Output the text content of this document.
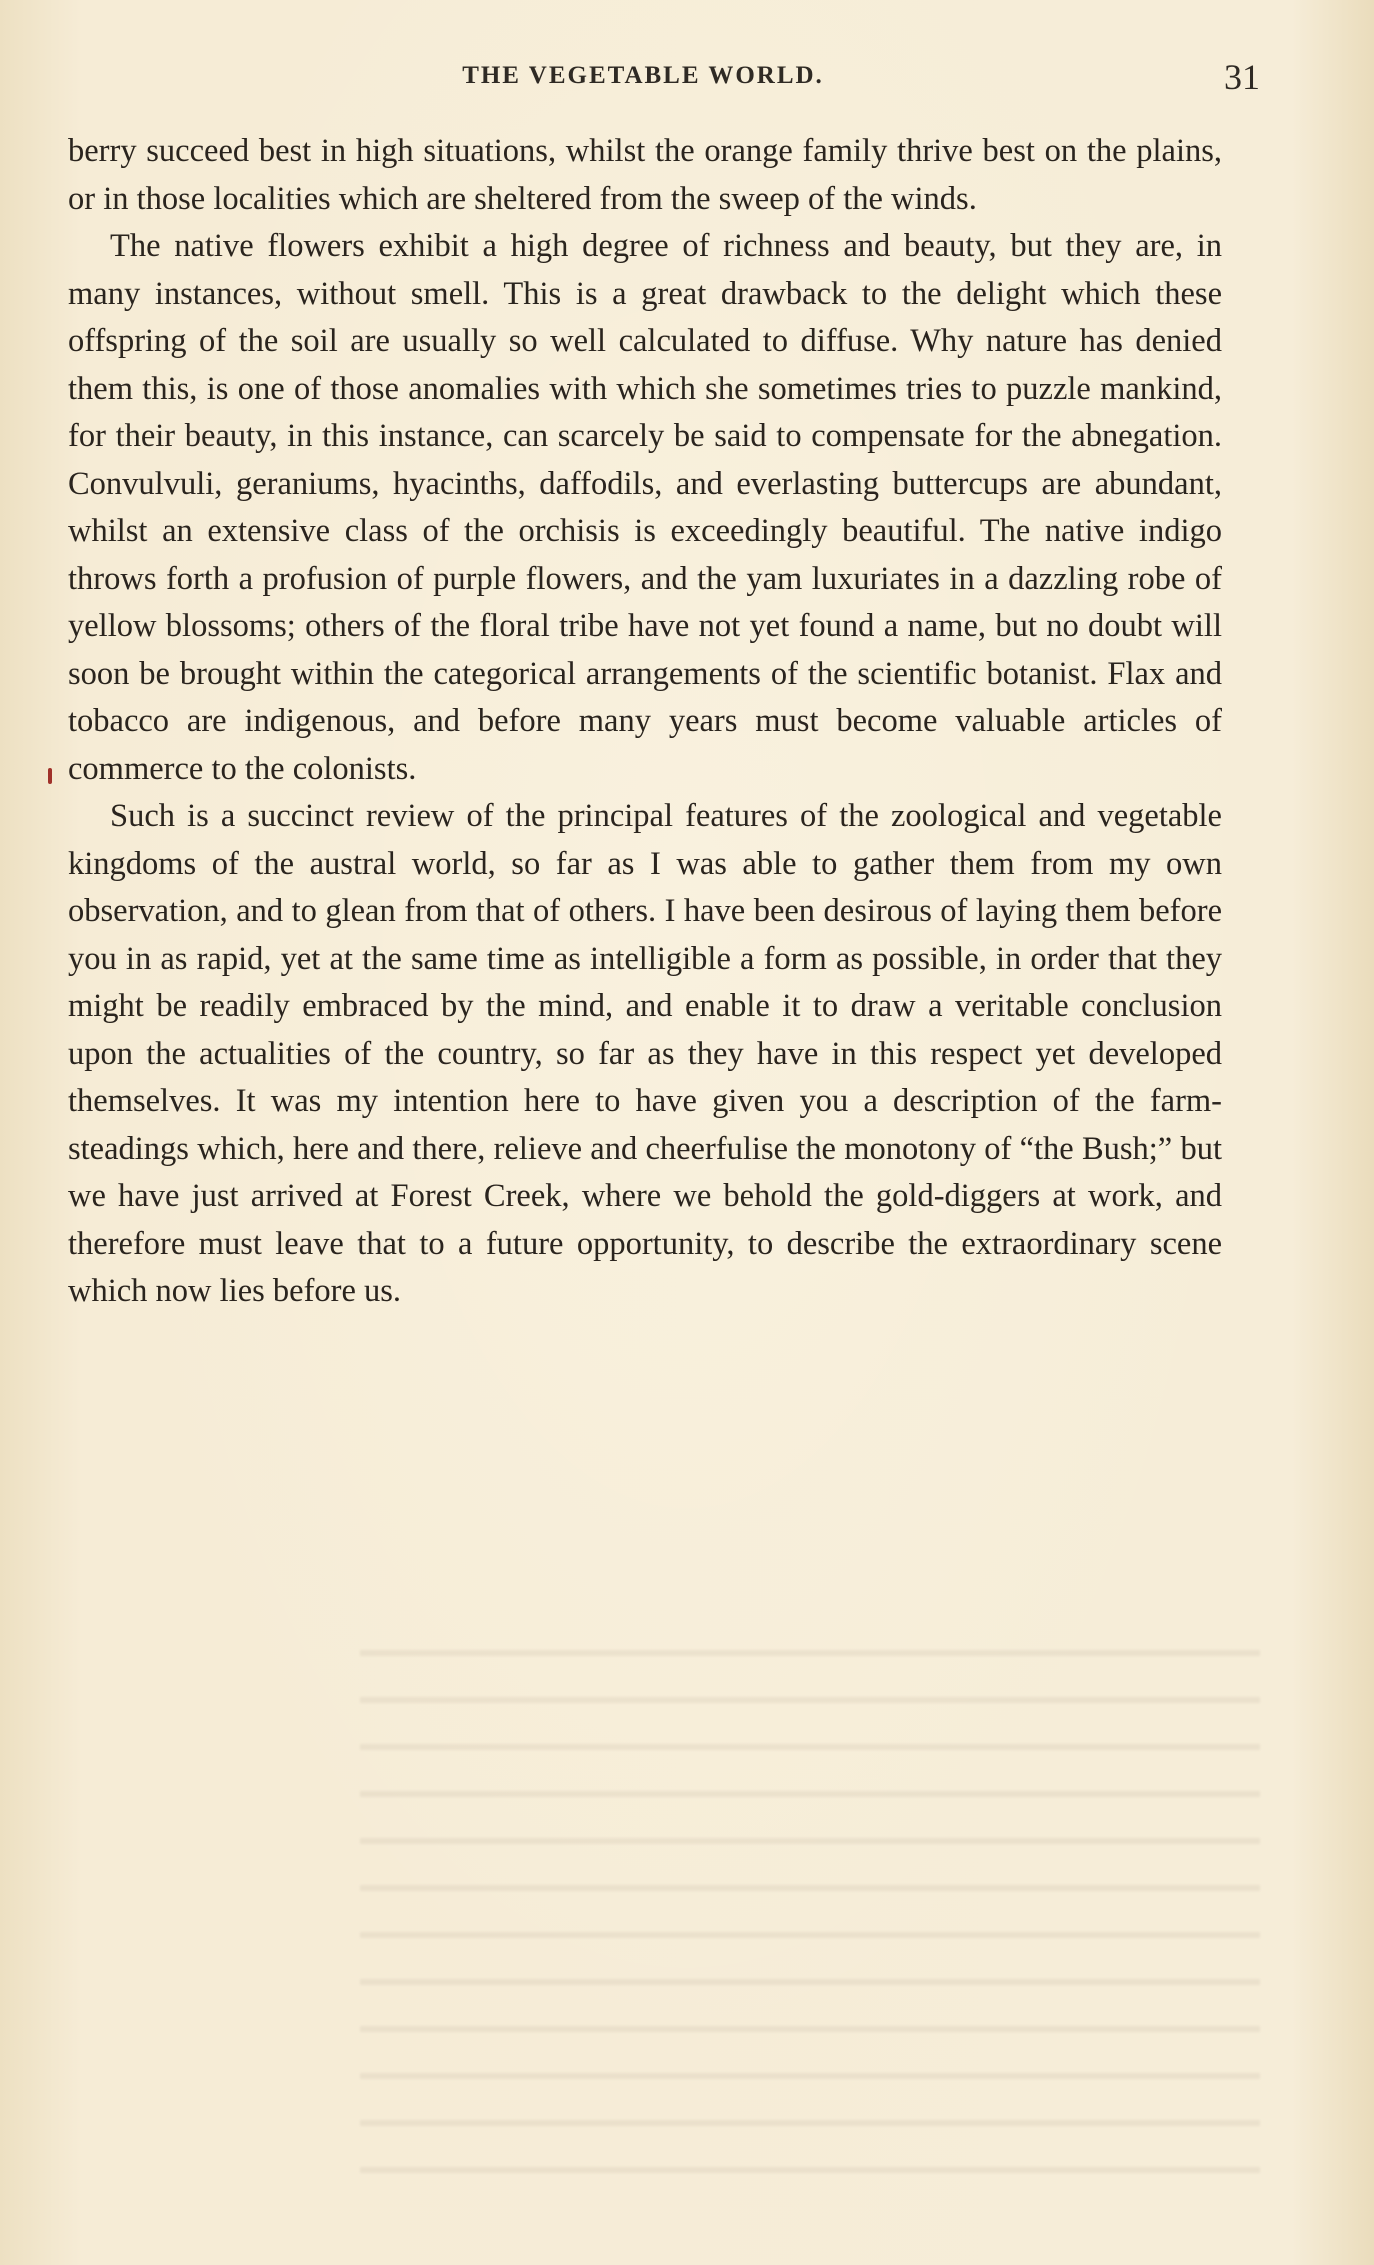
THE VEGETABLE WORLD.	31

berry succeed best in high situations, whilst the orange family thrive best on the plains, or in those localities which are sheltered from the sweep of the winds.

The native flowers exhibit a high degree of richness and beauty, but they are, in many instances, without smell. This is a great drawback to the delight which these offspring of the soil are usually so well calculated to diffuse. Why nature has denied them this, is one of those anomalies with which she sometimes tries to puzzle mankind, for their beauty, in this instance, can scarcely be said to compensate for the abnegation. Convulvuli, geraniums, hyacinths, daffodils, and everlasting buttercups are abundant, whilst an extensive class of the orchisis is exceedingly beautiful. The native indigo throws forth a profusion of purple flowers, and the yam luxuriates in a dazzling robe of yellow blossoms; others of the floral tribe have not yet found a name, but no doubt will soon be brought within the categorical arrangements of the scientific botanist. Flax and tobacco are indigenous, and before many years must become valuable articles of commerce to the colonists.

Such is a succinct review of the principal features of the zoological and vegetable kingdoms of the austral world, so far as I was able to gather them from my own observation, and to glean from that of others. I have been desirous of laying them before you in as rapid, yet at the same time as intelligible a form as possible, in order that they might be readily embraced by the mind, and enable it to draw a veritable conclusion upon the actualities of the country, so far as they have in this respect yet developed themselves. It was my intention here to have given you a description of the farm-steadings which, here and there, relieve and cheerfulise the monotony of “the Bush;” but we have just arrived at Forest Creek, where we behold the gold-diggers at work, and therefore must leave that to a future opportunity, to describe the extraordinary scene which now lies before us.
